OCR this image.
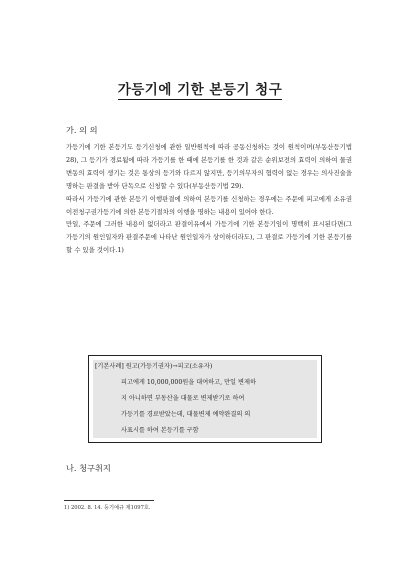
가등기에 기한 본등기 청구
가. 의 의

가등기에 기한 본등기도 등기신청에 관한 일반원칙에 따라 공동신청하는 것이 원칙이며(부동산등기법 28), 그 등기가 경료됨에 따라 가등기를 한 때에 본등기를 한 것과 같은 순위보전의 효력이 의하여 물권변동의 효력이 생기는 것은 통상의 등기와 다르지 않지만, 등기의무자의 협력이 없는 경우는 의사진술을 명하는 판결을 받아 단독으로 신청할 수 있다(부동산등기법 29).

따라서 가등기에 관한 본등기 이행판결에 의하여 본등기를 신청하는 경우에는 주문에 피고에게 소유권이전청구권가등기에 의한 본등기절차의 이행을 명하는 내용이 있어야 한다.

만일, 주문에 그러한 내용이 없더라고 판결이유에서 가등기에 기한 본등기임이 명백히 표시된다면(그 가등기의 원인일자와 판결주문에 나타난 원인일자가 상이하더라도), 그 판결로 가등기에 기한 본등기를 할 수 있을 것이다.1)

[기본사례] 원고(가등기권자)→피고(소유자)
피고에게 10,000,000원을 대여하고, 만일 변제하
지 아니하면 부동산을 대물로 변제받기로 하여
가등기를 경료받았는데, 대물변제 예약완결의 의
사표시를 하여 본등기를 구함
나. 청구취지
1) 2002. 8. 14. 등기예규 제1097호.
